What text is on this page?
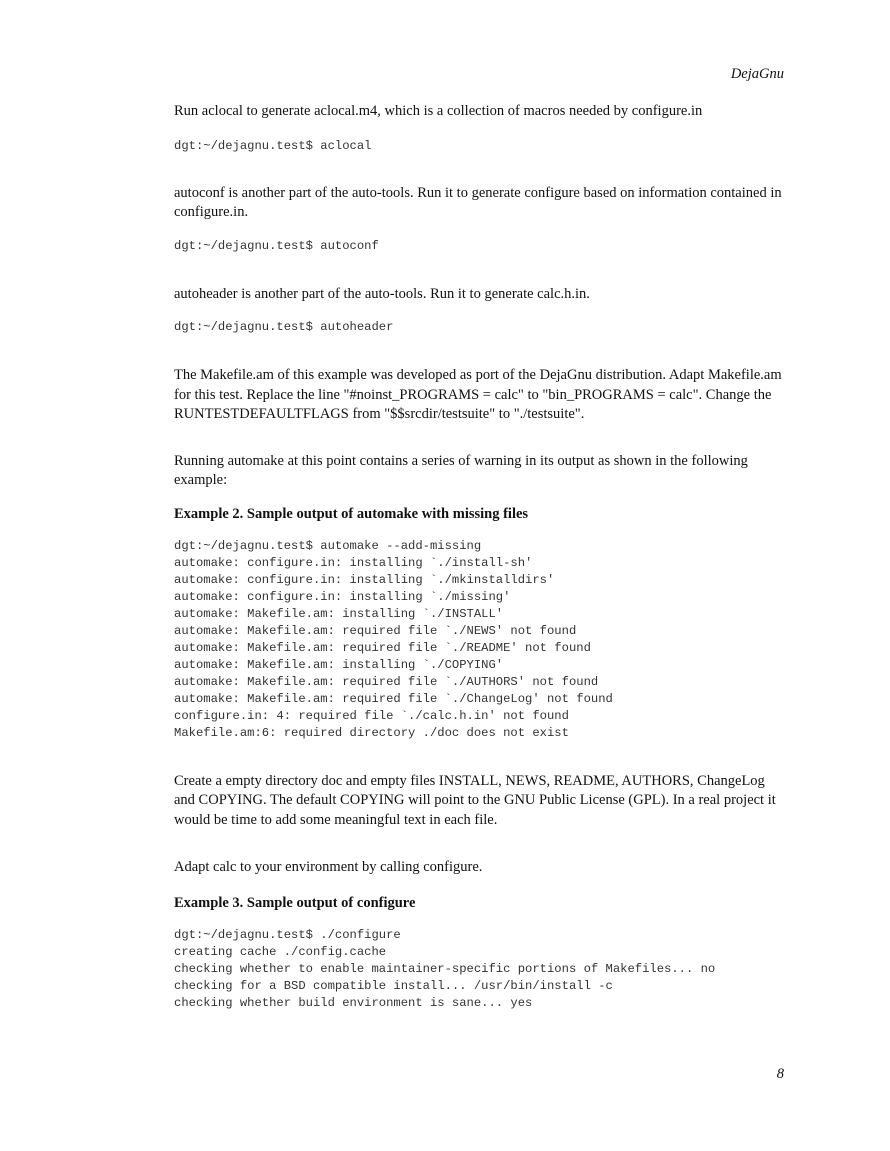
DejaGnu

Run aclocal to generate aclocal.m4, which is a collection of macros needed by configure.in

dgt:~/dejagnu.test$ aclocal

autoconf is another part of the auto-tools. Run it to generate configure based on information contained in configure.in.

dgt:~/dejagnu.test$ autoconf

autoheader is another part of the auto-tools. Run it to generate calc.h.in.

dgt:~/dejagnu.test$ autoheader

The Makefile.am of this example was developed as port of the DejaGnu distribution. Adapt Makefile.am for this test. Replace the line "#noinst_PROGRAMS = calc" to "bin_PROGRAMS = calc". Change the RUNTESTDEFAULTFLAGS from "$$srcdir/testsuite" to "./testsuite".

Running automake at this point contains a series of warning in its output as shown in the following example:

Example 2. Sample output of automake with missing files
dgt:~/dejagnu.test$ automake --add-missing
automake: configure.in: installing `./install-sh'
automake: configure.in: installing `./mkinstalldirs'
automake: configure.in: installing `./missing'
automake: Makefile.am: installing `./INSTALL'
automake: Makefile.am: required file `./NEWS' not found
automake: Makefile.am: required file `./README' not found
automake: Makefile.am: installing `./COPYING'
automake: Makefile.am: required file `./AUTHORS' not found
automake: Makefile.am: required file `./ChangeLog' not found
configure.in: 4: required file `./calc.h.in' not found
Makefile.am:6: required directory ./doc does not exist

Create a empty directory doc and empty files INSTALL, NEWS, README, AUTHORS, ChangeLog and COPYING. The default COPYING will point to the GNU Public License (GPL). In a real project it would be time to add some meaningful text in each file.

Adapt calc to your environment by calling configure.

Example 3. Sample output of configure
dgt:~/dejagnu.test$ ./configure
creating cache ./config.cache
checking whether to enable maintainer-specific portions of Makefiles... no
checking for a BSD compatible install... /usr/bin/install -c
checking whether build environment is sane... yes
8
